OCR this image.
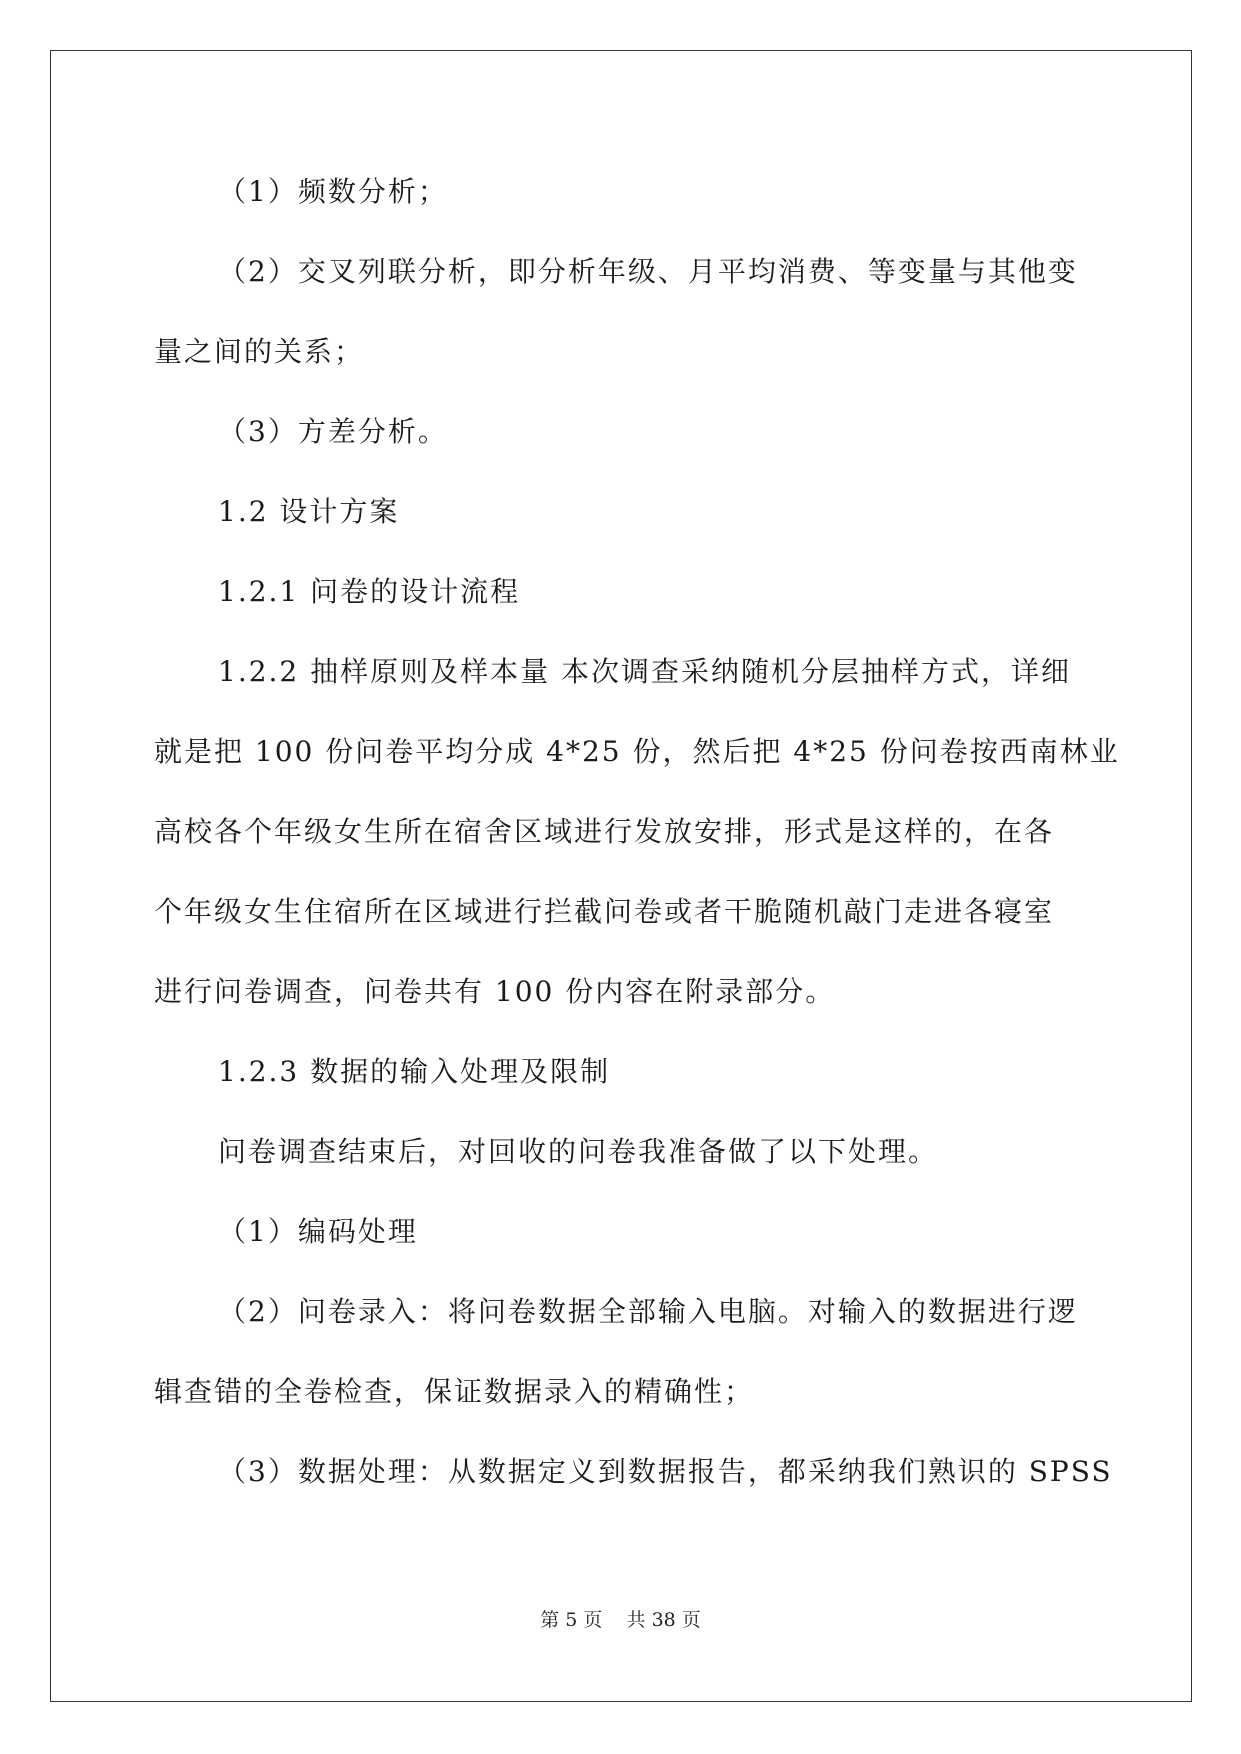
（1）频数分析；
（2）交叉列联分析，即分析年级、月平均消费、等变量与其他变
量之间的关系；
（3）方差分析。
1.2 设计方案
1.2.1 问卷的设计流程
1.2.2 抽样原则及样本量 本次调查采纳随机分层抽样方式，详细
就是把 100 份问卷平均分成 4*25 份，然后把 4*25 份问卷按西南林业
高校各个年级女生所在宿舍区域进行发放安排，形式是这样的，在各
个年级女生住宿所在区域进行拦截问卷或者干脆随机敲门走进各寝室
进行问卷调查，问卷共有 100 份内容在附录部分。
1.2.3 数据的输入处理及限制
问卷调查结束后，对回收的问卷我准备做了以下处理。
（1）编码处理
（2）问卷录入：将问卷数据全部输入电脑。对输入的数据进行逻
辑查错的全卷检查，保证数据录入的精确性；
（3）数据处理：从数据定义到数据报告，都采纳我们熟识的 SPSS
第 5 页    共 38 页
